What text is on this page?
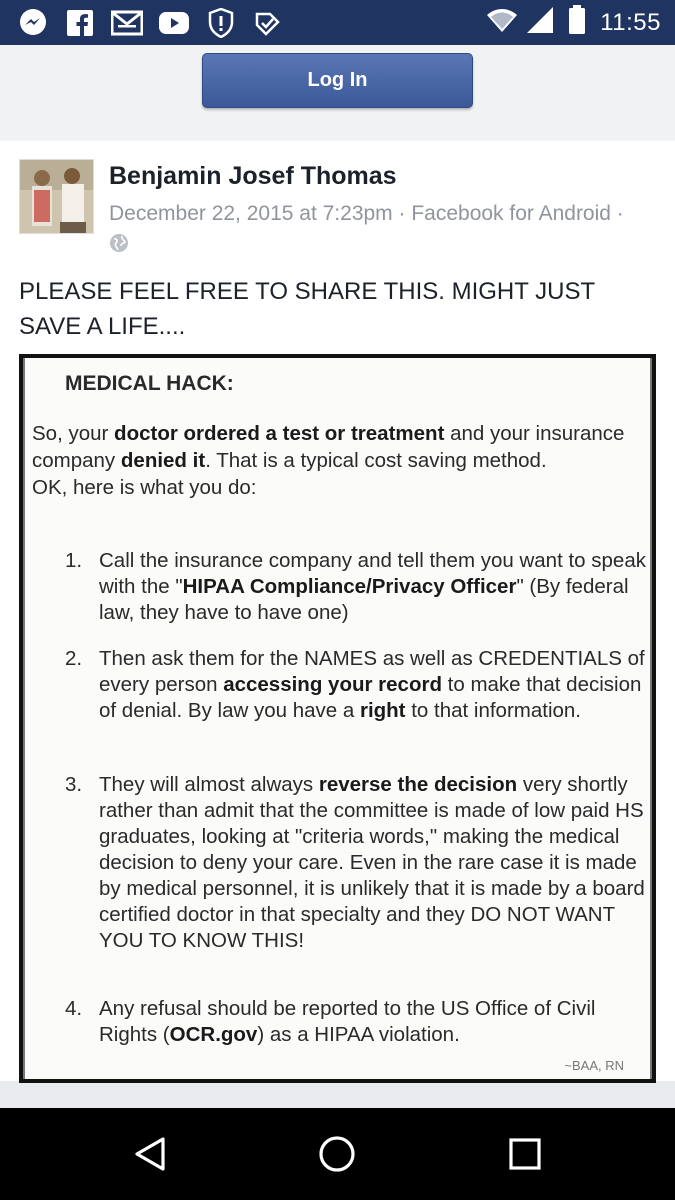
11:55
Log In
Benjamin Josef Thomas
December 22, 2015 at 7:23pm · Facebook for Android ·

PLEASE FEEL FREE TO SHARE THIS. MIGHT JUST SAVE A LIFE....
MEDICAL HACK:
So, your doctor ordered a test or treatment and your insurance company denied it. That is a typical cost saving method.
OK, here is what you do:
1. Call the insurance company and tell them you want to speak with the "HIPAA Compliance/Privacy Officer" (By federal law, they have to have one)
2. Then ask them for the NAMES as well as CREDENTIALS of every person accessing your record to make that decision of denial. By law you have a right to that information.
3. They will almost always reverse the decision very shortly rather than admit that the committee is made of low paid HS graduates, looking at "criteria words," making the medical decision to deny your care. Even in the rare case it is made by medical personnel, it is unlikely that it is made by a board certified doctor in that specialty and they DO NOT WANT YOU TO KNOW THIS!
4. Any refusal should be reported to the US Office of Civil Rights (OCR.gov) as a HIPAA violation.
~BAA, RN
